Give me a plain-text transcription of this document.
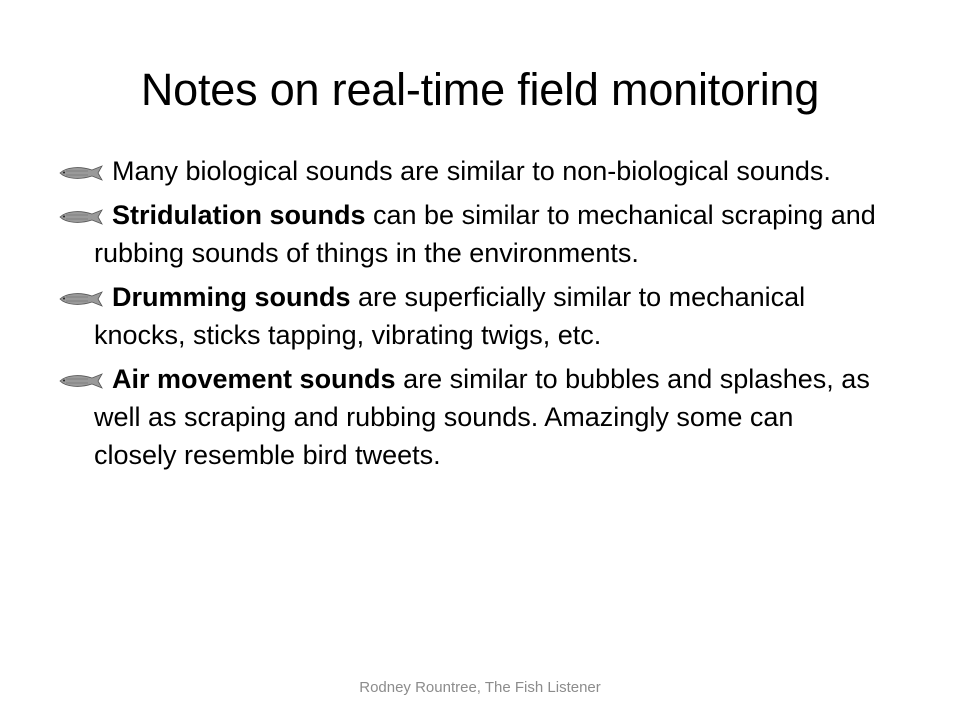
Notes on real-time field monitoring
Many biological sounds are similar to non-biological sounds.
Stridulation sounds can be similar to mechanical scraping and rubbing sounds of things in the environments.
Drumming sounds are superficially similar to mechanical knocks, sticks tapping, vibrating twigs, etc.
Air movement sounds are similar to bubbles and splashes, as well as scraping and rubbing sounds. Amazingly some can closely resemble bird tweets.
Rodney Rountree, The Fish Listener
